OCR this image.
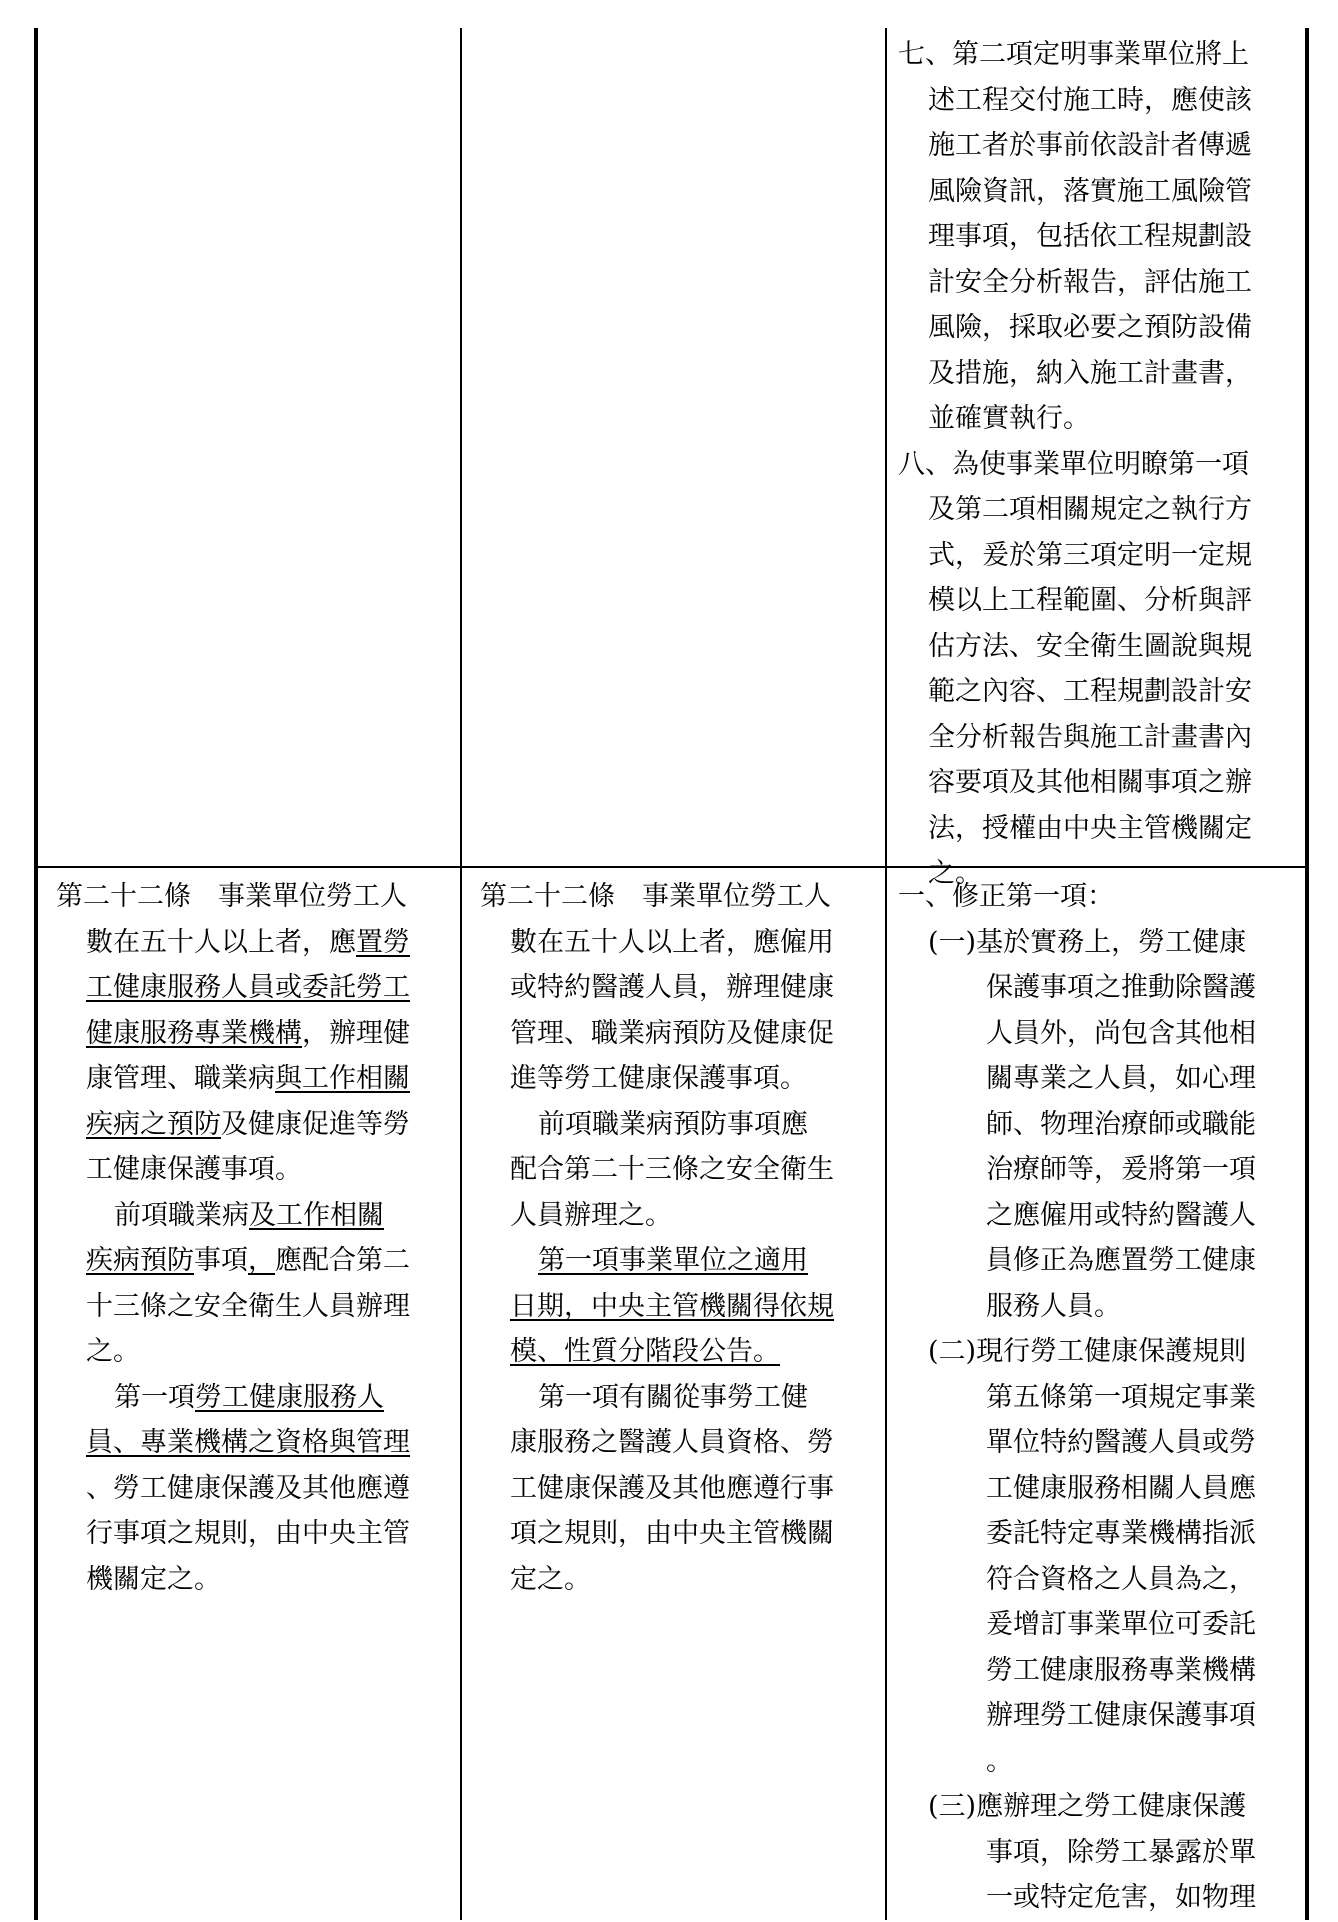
七、第二項定明事業單位將上
述工程交付施工時，應使該
施工者於事前依設計者傳遞
風險資訊，落實施工風險管
理事項，包括依工程規劃設
計安全分析報告，評估施工
風險，採取必要之預防設備
及措施，納入施工計畫書，
並確實執行。
八、為使事業單位明瞭第一項
及第二項相關規定之執行方
式，爰於第三項定明一定規
模以上工程範圍、分析與評
估方法、安全衛生圖說與規
範之內容、工程規劃設計安
全分析報告與施工計畫書內
容要項及其他相關事項之辦
法，授權由中央主管機關定
之。
第二十二條　事業單位勞工人
數在五十人以上者，應置勞
工健康服務人員或委託勞工
健康服務專業機構，辦理健
康管理、職業病與工作相關
疾病之預防及健康促進等勞
工健康保護事項。
前項職業病及工作相關
疾病預防事項，應配合第二
十三條之安全衛生人員辦理
之。
第一項勞工健康服務人
員、專業機構之資格與管理
、勞工健康保護及其他應遵
行事項之規則，由中央主管
機關定之。
第二十二條　事業單位勞工人
數在五十人以上者，應僱用
或特約醫護人員，辦理健康
管理、職業病預防及健康促
進等勞工健康保護事項。
前項職業病預防事項應
配合第二十三條之安全衛生
人員辦理之。
第一項事業單位之適用
日期，中央主管機關得依規
模、性質分階段公告。
第一項有關從事勞工健
康服務之醫護人員資格、勞
工健康保護及其他應遵行事
項之規則，由中央主管機關
定之。
一、修正第一項：
(一)基於實務上，勞工健康
保護事項之推動除醫護
人員外，尚包含其他相
關專業之人員，如心理
師、物理治療師或職能
治療師等，爰將第一項
之應僱用或特約醫護人
員修正為應置勞工健康
服務人員。
(二)現行勞工健康保護規則
第五條第一項規定事業
單位特約醫護人員或勞
工健康服務相關人員應
委託特定專業機構指派
符合資格之人員為之，
爰增訂事業單位可委託
勞工健康服務專業機構
辦理勞工健康保護事項
。
(三)應辦理之勞工健康保護
事項，除勞工暴露於單
一或特定危害，如物理
